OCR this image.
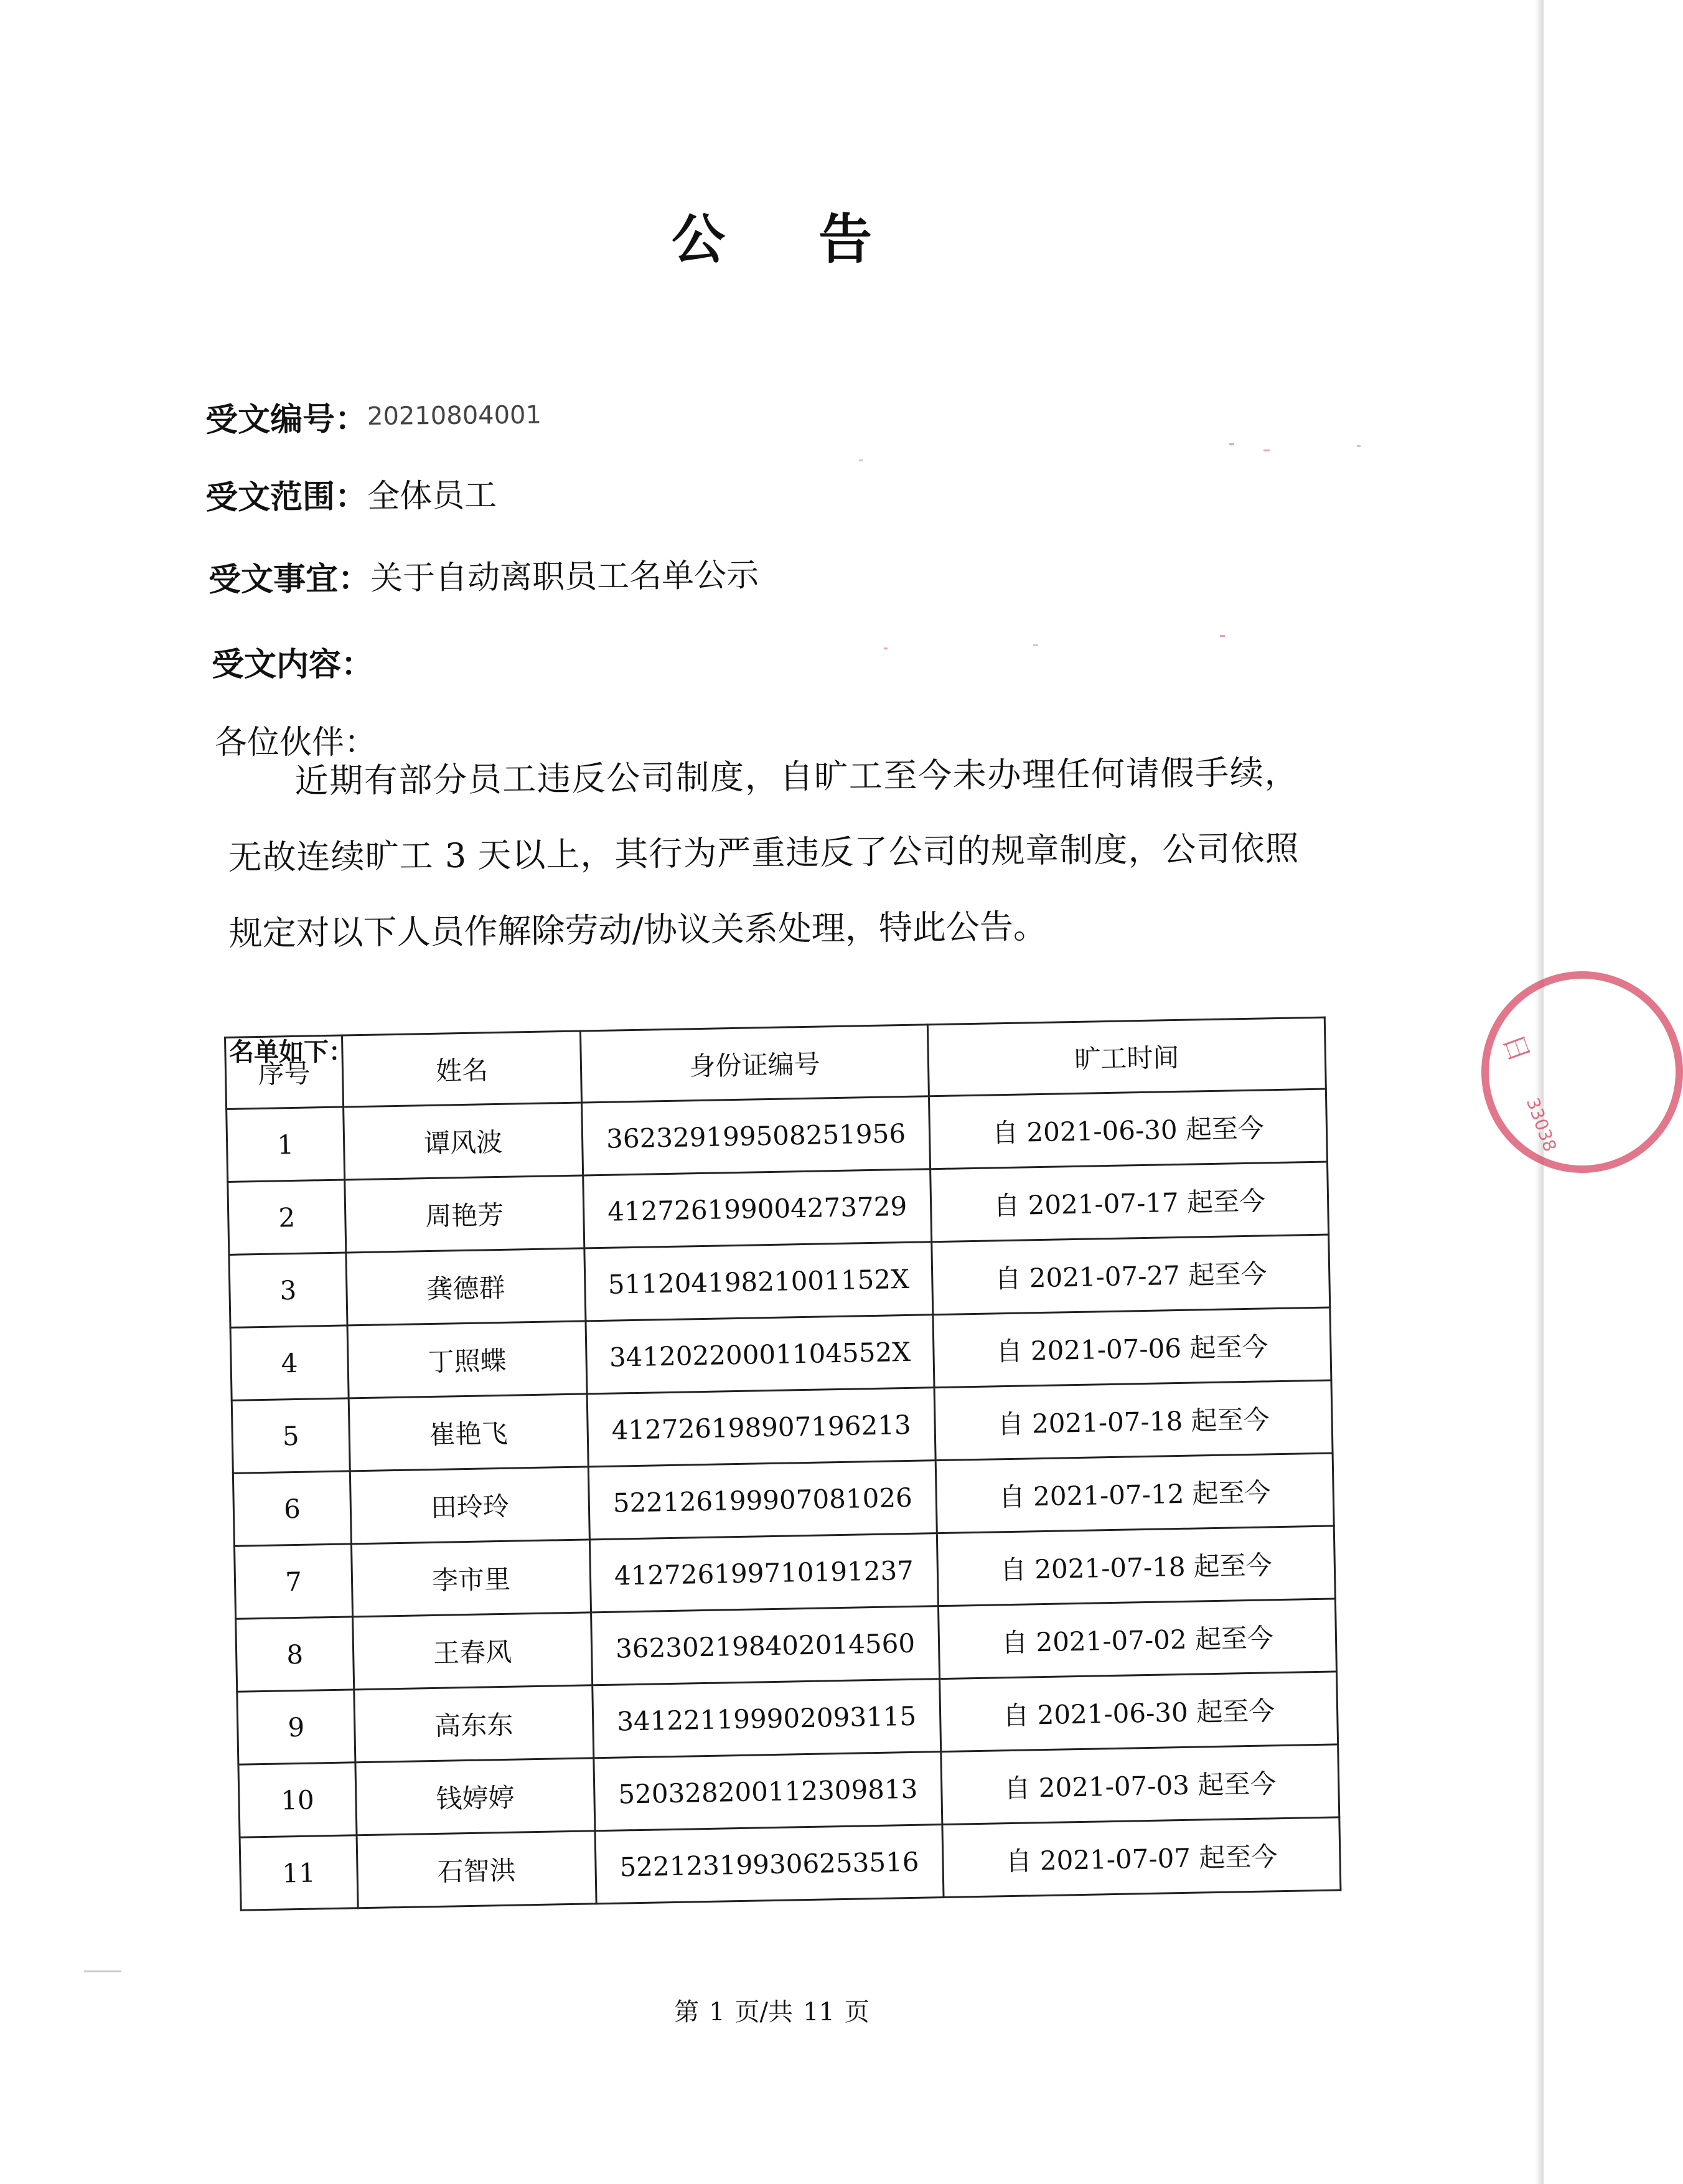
公 告
受文编号：20210804001
受文范围：全体员工
受文事宜：关于自动离职员工名单公示
受文内容：
各位伙伴：

近期有部分员工违反公司制度，自旷工至今未办理任何请假手续，无故连续旷工 3 天以上，其行为严重违反了公司的规章制度，公司依照规定对以下人员作解除劳动/协议关系处理，特此公告。

名单如下：
序号	姓名	身份证编号	旷工时间
1	谭风波	362329199508251956	自 2021-06-30 起至今
2	周艳芳	412726199004273729	自 2021-07-17 起至今
3	龚德群	51120419821001152X	自 2021-07-27 起至今
4	丁照蝶	34120220001104552X	自 2021-07-06 起至今
5	崔艳飞	412726198907196213	自 2021-07-18 起至今
6	田玲玲	522126199907081026	自 2021-07-12 起至今
7	李市里	412726199710191237	自 2021-07-18 起至今
8	王春风	362302198402014560	自 2021-07-02 起至今
9	高东东	341221199902093115	自 2021-06-30 起至今
10	钱婷婷	520328200112309813	自 2021-07-03 起至今
11	石智洪	522123199306253516	自 2021-07-07 起至今
第 1 页/共 11 页
日
33038
